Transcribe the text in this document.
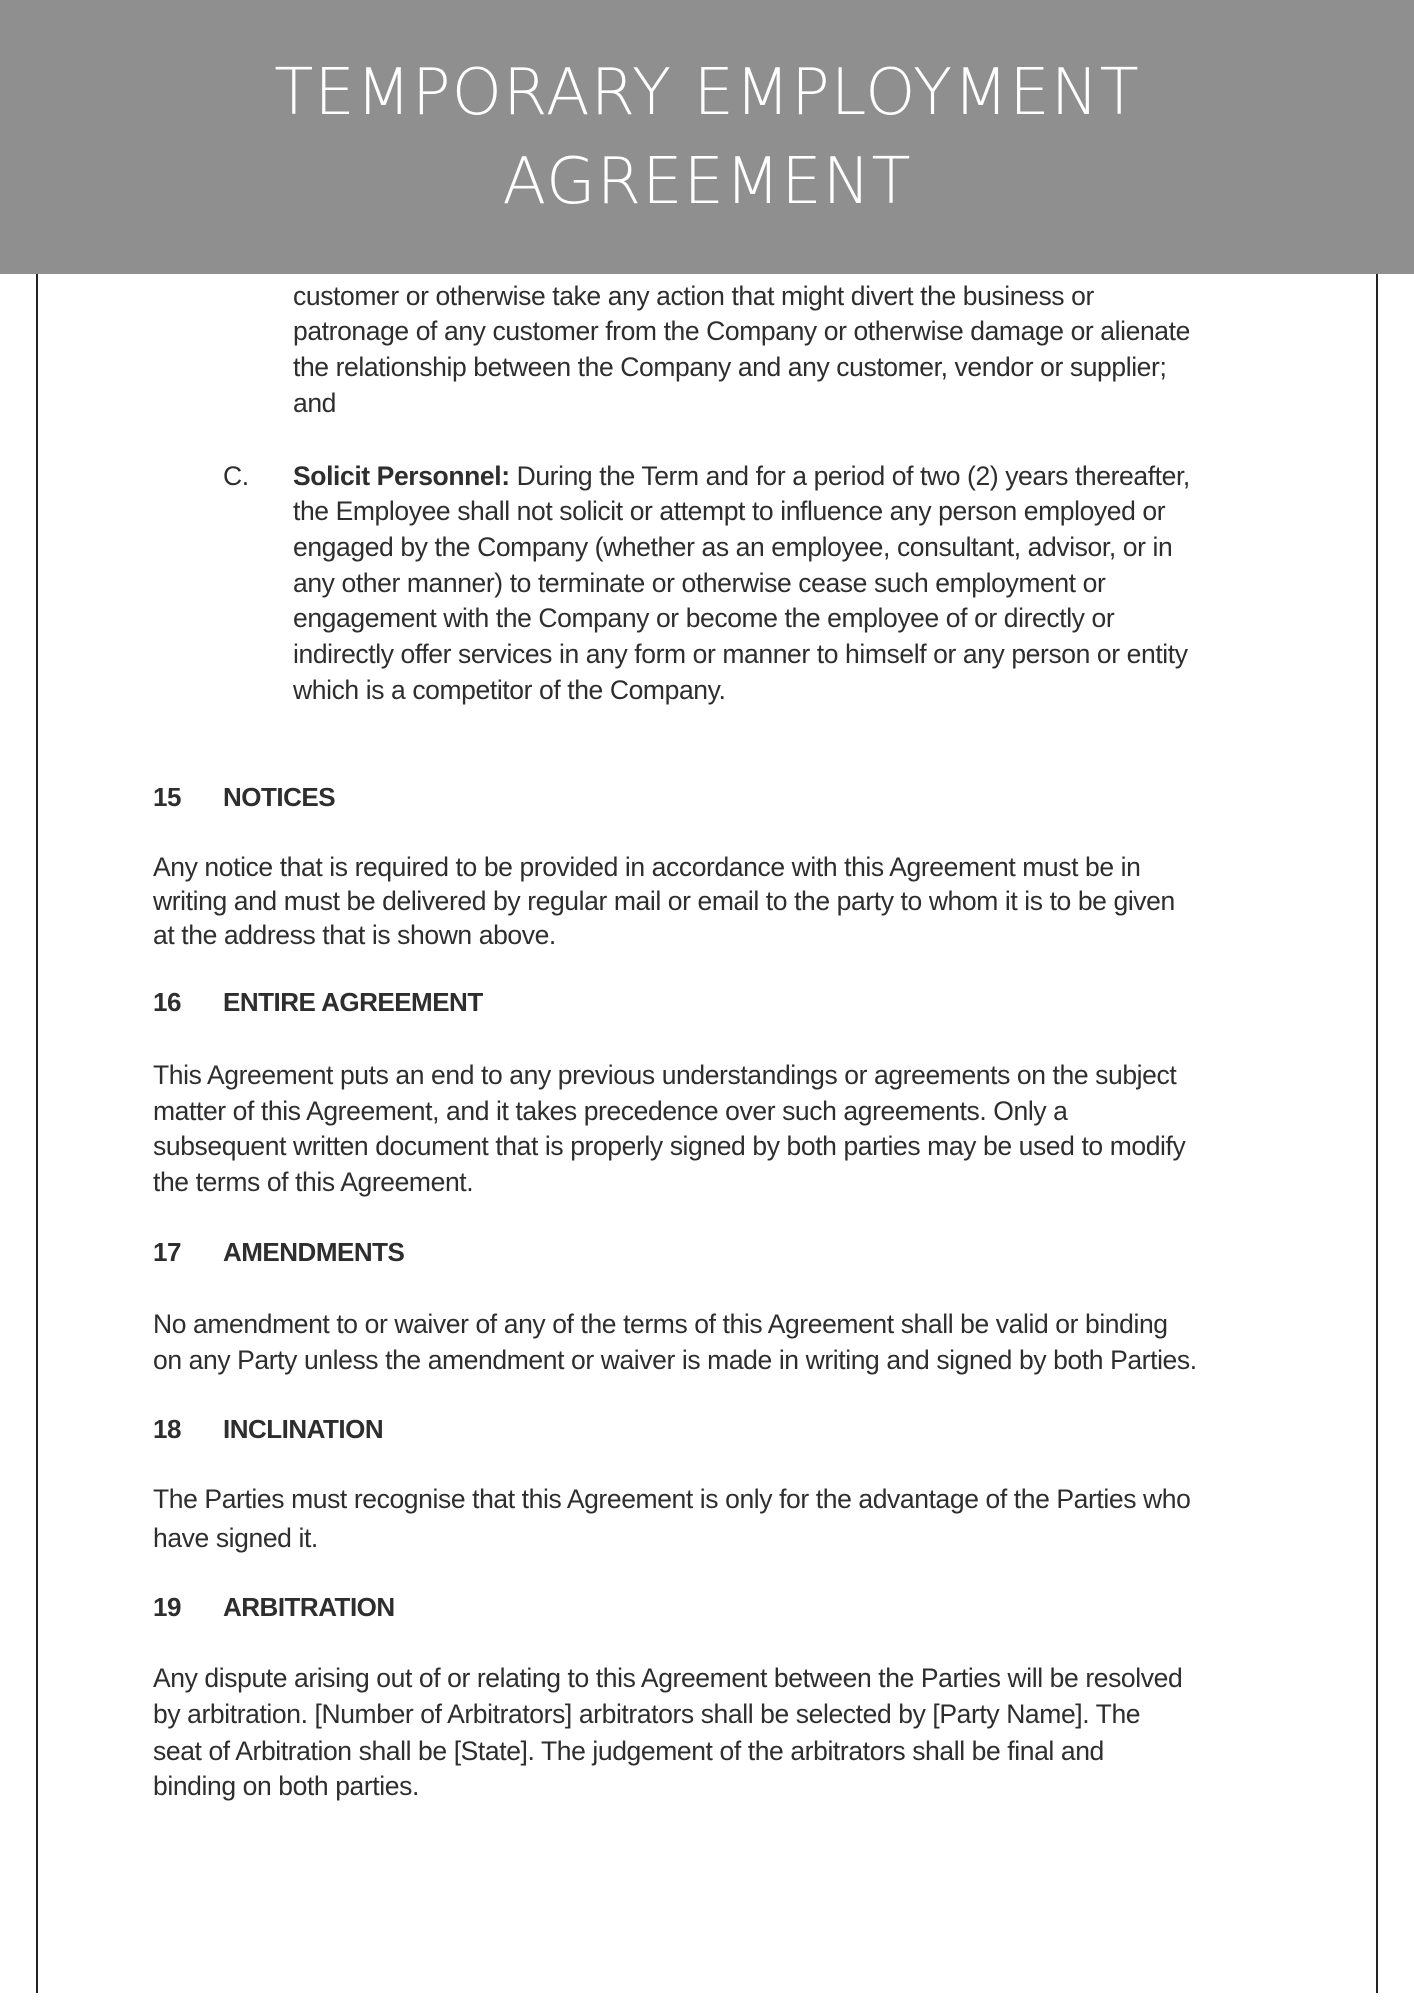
TEMPORARY EMPLOYMENT
AGREEMENT
customer or otherwise take any action that might divert the business or
patronage of any customer from the Company or otherwise damage or alienate
the relationship between the Company and any customer, vendor or supplier;
and
C. Solicit Personnel: During the Term and for a period of two (2) years thereafter,
the Employee shall not solicit or attempt to influence any person employed or
engaged by the Company (whether as an employee, consultant, advisor, or in
any other manner) to terminate or otherwise cease such employment or
engagement with the Company or become the employee of or directly or
indirectly offer services in any form or manner to himself or any person or entity
which is a competitor of the Company.
15 NOTICES
Any notice that is required to be provided in accordance with this Agreement must be in
writing and must be delivered by regular mail or email to the party to whom it is to be given
at the address that is shown above.
16 ENTIRE AGREEMENT
This Agreement puts an end to any previous understandings or agreements on the subject
matter of this Agreement, and it takes precedence over such agreements. Only a
subsequent written document that is properly signed by both parties may be used to modify
the terms of this Agreement.
17 AMENDMENTS
No amendment to or waiver of any of the terms of this Agreement shall be valid or binding
on any Party unless the amendment or waiver is made in writing and signed by both Parties.
18 INCLINATION
The Parties must recognise that this Agreement is only for the advantage of the Parties who
have signed it.
19 ARBITRATION
Any dispute arising out of or relating to this Agreement between the Parties will be resolved
by arbitration. [Number of Arbitrators] arbitrators shall be selected by [Party Name]. The
seat of Arbitration shall be [State]. The judgement of the arbitrators shall be final and
binding on both parties.
